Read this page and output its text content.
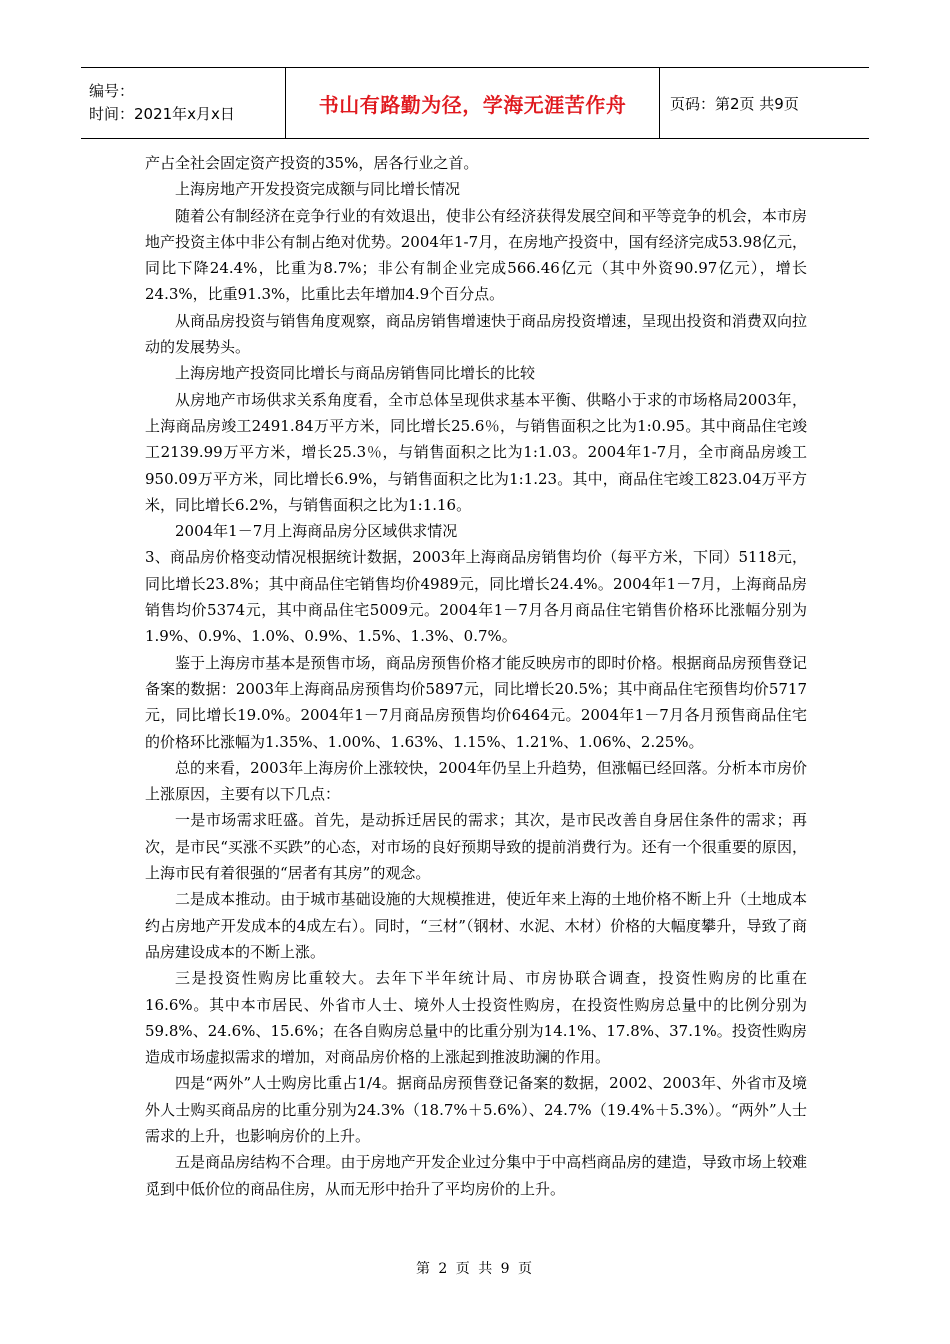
编号：
时间：2021年x月x日	书山有路勤为径，学海无涯苦作舟	页码：第2页 共9页

产占全社会固定资产投资的35%，居各行业之首。

上海房地产开发投资完成额与同比增长情况

随着公有制经济在竞争行业的有效退出，使非公有经济获得发展空间和平等竞争的机会，本市房地产投资主体中非公有制占绝对优势。2004年1-7月，在房地产投资中，国有经济完成53.98亿元，同比下降24.4%，比重为8.7%；非公有制企业完成566.46亿元（其中外资90.97亿元），增长24.3%，比重91.3%，比重比去年增加4.9个百分点。

从商品房投资与销售角度观察，商品房销售增速快于商品房投资增速，呈现出投资和消费双向拉动的发展势头。

上海房地产投资同比增长与商品房销售同比增长的比较

从房地产市场供求关系角度看，全市总体呈现供求基本平衡、供略小于求的市场格局2003年，上海商品房竣工2491.84万平方米，同比增长25.6％，与销售面积之比为1:0.95。其中商品住宅竣工2139.99万平方米，增长25.3％，与销售面积之比为1:1.03。2004年1-7月，全市商品房竣工950.09万平方米，同比增长6.9%，与销售面积之比为1:1.23。其中，商品住宅竣工823.04万平方米，同比增长6.2%，与销售面积之比为1:1.16。

2004年1－7月上海商品房分区域供求情况

3、商品房价格变动情况根据统计数据，2003年上海商品房销售均价（每平方米，下同）5118元，同比增长23.8%；其中商品住宅销售均价4989元，同比增长24.4%。2004年1－7月，上海商品房销售均价5374元，其中商品住宅5009元。2004年1－7月各月商品住宅销售价格环比涨幅分别为1.9%、0.9%、1.0%、0.9%、1.5%、1.3%、0.7%。

鉴于上海房市基本是预售市场，商品房预售价格才能反映房市的即时价格。根据商品房预售登记备案的数据：2003年上海商品房预售均价5897元，同比增长20.5%；其中商品住宅预售均价5717元，同比增长19.0%。2004年1－7月商品房预售均价6464元。2004年1－7月各月预售商品住宅的价格环比涨幅为1.35%、1.00%、1.63%、1.15%、1.21%、1.06%、2.25%。

总的来看，2003年上海房价上涨较快，2004年仍呈上升趋势，但涨幅已经回落。分析本市房价上涨原因，主要有以下几点：

一是市场需求旺盛。首先，是动拆迁居民的需求；其次，是市民改善自身居住条件的需求；再次，是市民“买涨不买跌”的心态，对市场的良好预期导致的提前消费行为。还有一个很重要的原因，上海市民有着很强的“居者有其房”的观念。

二是成本推动。由于城市基础设施的大规模推进，使近年来上海的土地价格不断上升（土地成本约占房地产开发成本的4成左右）。同时，“三材”（钢材、水泥、木材）价格的大幅度攀升，导致了商品房建设成本的不断上涨。

三是投资性购房比重较大。去年下半年统计局、市房协联合调查，投资性购房的比重在16.6%。其中本市居民、外省市人士、境外人士投资性购房，在投资性购房总量中的比例分别为59.8%、24.6%、15.6%；在各自购房总量中的比重分别为14.1%、17.8%、37.1%。投资性购房造成市场虚拟需求的增加，对商品房价格的上涨起到推波助澜的作用。

四是“两外”人士购房比重占1/4。据商品房预售登记备案的数据，2002、2003年、外省市及境外人士购买商品房的比重分别为24.3%（18.7%＋5.6%）、24.7%（19.4%＋5.3%）。“两外”人士需求的上升，也影响房价的上升。

五是商品房结构不合理。由于房地产开发企业过分集中于中高档商品房的建造，导致市场上较难觅到中低价位的商品住房，从而无形中抬升了平均房价的上升。

第 2 页 共 9 页
